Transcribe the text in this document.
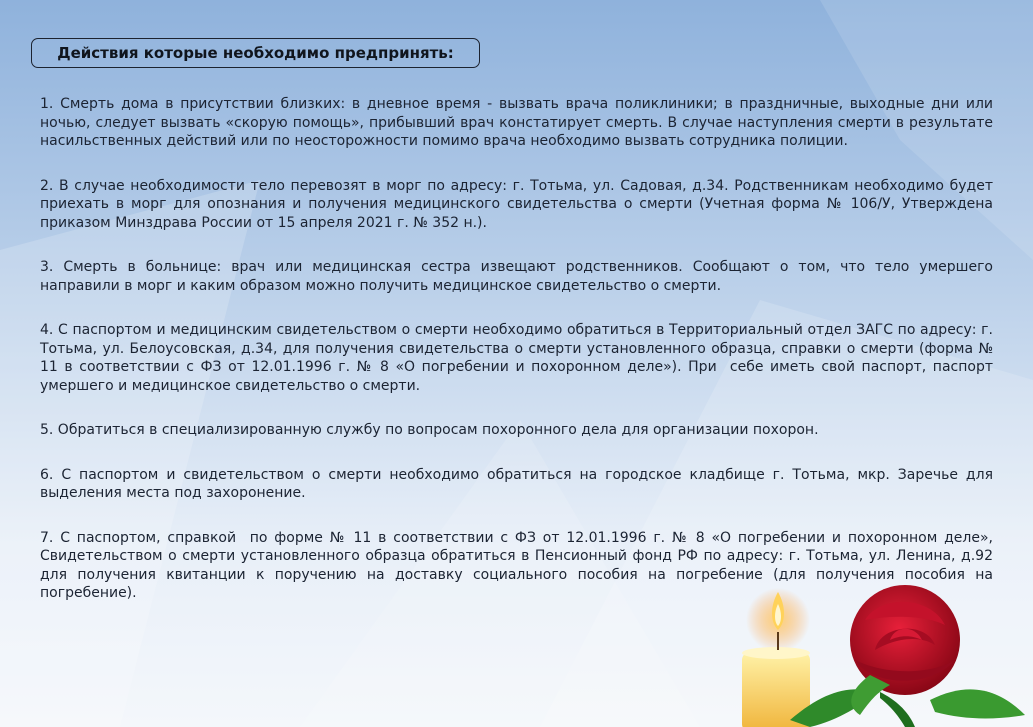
Действия которые необходимо предпринять:

1. Смерть дома в присутствии близких: в дневное время - вызвать врача поликлиники; в праздничные, выходные дни или ночью, следует вызвать «скорую помощь», прибывший врач констатирует смерть. В случае наступления смерти в результате насильственных действий или по неосторожности помимо врача необходимо вызвать сотрудника полиции.

2. В случае необходимости тело перевозят в морг по адресу: г. Тотьма, ул. Садовая, д.34. Родственникам необходимо будет приехать в морг для опознания и получения медицинского свидетельства о смерти (Учетная форма № 106/У, Утверждена приказом Минздрава России от 15 апреля 2021 г. № 352 н.).

3. Смерть в больнице: врач или медицинская сестра извещают родственников. Сообщают о том, что тело умершего направили в морг и каким образом можно получить медицинское свидетельство о смерти.

4. С паспортом и медицинским свидетельством о смерти необходимо обратиться в Территориальный отдел ЗАГС по адресу: г. Тотьма, ул. Белоусовская, д.34, для получения свидетельства о смерти установленного образца, справки о смерти (форма № 11 в соответствии с ФЗ от 12.01.1996 г. № 8 «О погребении и похоронном деле»). При  себе иметь свой паспорт, паспорт умершего и медицинское свидетельство о смерти.

5. Обратиться в специализированную службу по вопросам похоронного дела для организации похорон.

6. С паспортом и свидетельством о смерти необходимо обратиться на городское кладбище г. Тотьма, мкр. Заречье для выделения места под захоронение.

7. С паспортом, справкой  по форме № 11 в соответствии с ФЗ от 12.01.1996 г. № 8 «О погребении и похоронном деле», Свидетельством о смерти установленного образца обратиться в Пенсионный фонд РФ по адресу: г. Тотьма, ул. Ленина, д.92 для получения квитанции к поручению на доставку социального пособия на погребение (для получения пособия на погребение).
